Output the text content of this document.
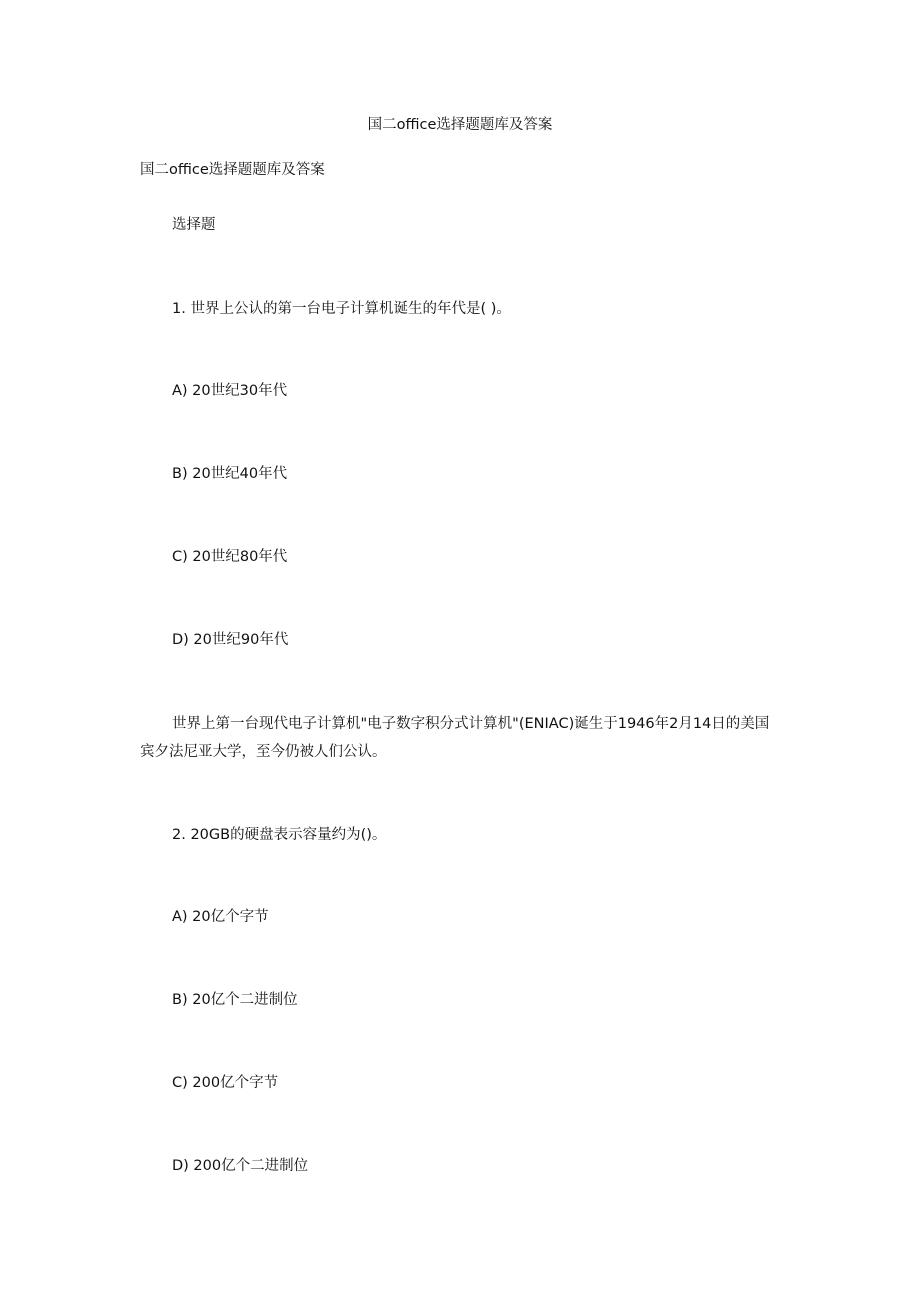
国二office选择题题库及答案
国二office选择题题库及答案
选择题
1. 世界上公认的第一台电子计算机诞生的年代是( )。
A) 20世纪30年代
B) 20世纪40年代
C) 20世纪80年代
D) 20世纪90年代
世界上第一台现代电子计算机"电子数字积分式计算机"(ENIAC)诞生于1946年2月14日的美国宾夕法尼亚大学，至今仍被人们公认。
2. 20GB的硬盘表示容量约为()。
A) 20亿个字节
B) 20亿个二进制位
C) 200亿个字节
D) 200亿个二进制位
